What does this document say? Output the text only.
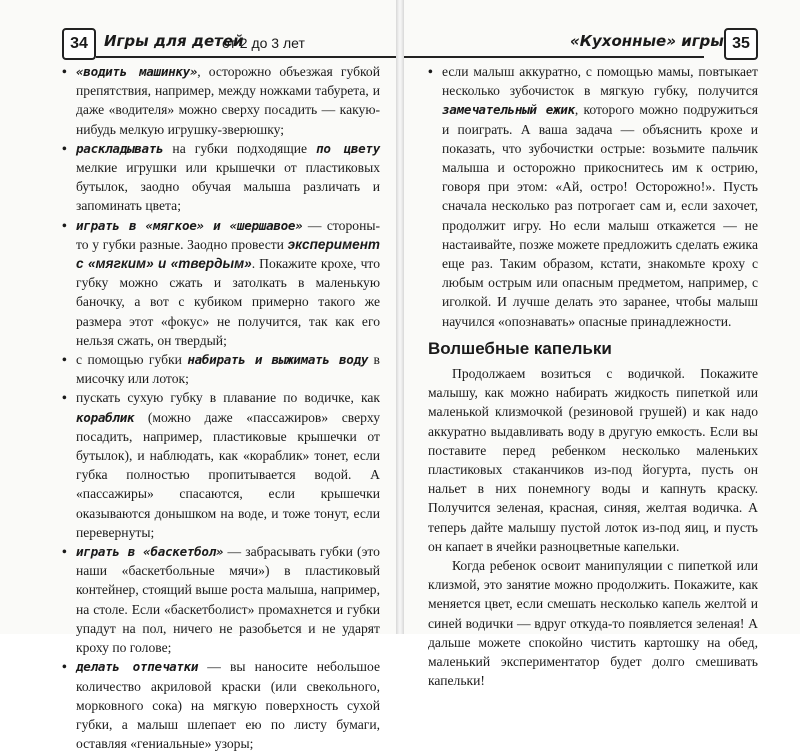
34	Игры для детей
от 2 до 3 лет
• «водить машинку», осторожно объезжая губкой препятствия, например, между ножками табурета, и даже «водителя» можно сверху посадить — какую-нибудь мелкую игрушку-зверюшку;
• раскладывать на губки подходящие по цвету мелкие игрушки или крышечки от пластиковых бутылок, заодно обучая малыша различать и запоминать цвета;
• играть в «мягкое» и «шершавое» — стороны-то у губки разные. Заодно провести эксперимент с «мягким» и «твердым». Покажите крохе, что губку можно сжать и затолкать в маленькую баночку, а вот с кубиком примерно такого же размера этот «фокус» не получится, так как его нельзя сжать, он твердый;
• с помощью губки набирать и выжимать воду в мисочку или лоток;
• пускать сухую губку в плавание по водичке, как кораблик (можно даже «пассажиров» сверху посадить, например, пластиковые крышечки от бутылок), и наблюдать, как «кораблик» тонет, если губка полностью пропитывается водой. А «пассажиры» спасаются, если крышечки оказываются донышком на воде, и тоже тонут, если перевернуты;
• играть в «баскетбол» — забрасывать губки (это наши «баскетбольные мячи») в пластиковый контейнер, стоящий выше роста малыша, например, на столе. Если «баскетболист» промахнется и губки упадут на пол, ничего не разобьется и не ударят кроху по голове;
• делать отпечатки — вы наносите небольшое количество акриловой краски (или свекольного, морковного сока) на мягкую поверхность сухой губки, а малыш шлепает ею по листу бумаги, оставляя «гениальные» узоры;
«Кухонные» игры 35
• если малыш аккуратно, с помощью мамы, повтыкает несколько зубочисток в мягкую губку, получится замечательный ежик, которого можно подружиться и поиграть. А ваша задача — объяснить крохе и показать, что зубочистки острые: возьмите пальчик малыша и осторожно прикоснитесь им к острию, говоря при этом: «Ай, остро! Осторожно!». Пусть сначала несколько раз потрогает сам и, если захочет, продолжит игру. Но если малыш откажется — не настаивайте, позже можете предложить сделать ежика еще раз. Таким образом, кстати, знакомьте кроху с любым острым или опасным предметом, например, с иголкой. И лучше делать это заранее, чтобы малыш научился «опознавать» опасные принадлежности.
Волшебные капельки

Продолжаем возиться с водичкой. Покажите малышу, как можно набирать жидкость пипеткой или маленькой клизмочкой (резиновой грушей) и как надо аккуратно выдавливать воду в другую емкость. Если вы поставите перед ребенком несколько маленьких пластиковых стаканчиков из-под йогурта, пусть он нальет в них понемногу воды и капнуть краску. Получится зеленая, красная, синяя, желтая водичка. А теперь дайте малышу пустой лоток из-под яиц, и пусть он капает в ячейки разноцветные капельки.

Когда ребенок освоит манипуляции с пипеткой или клизмой, это занятие можно продолжить. Покажите, как меняется цвет, если смешать несколько капель желтой и синей водички — вдруг откуда-то появляется зеленая! А дальше можете спокойно чистить картошку на обед, маленький экспериментатор будет долго смешивать капельки!
